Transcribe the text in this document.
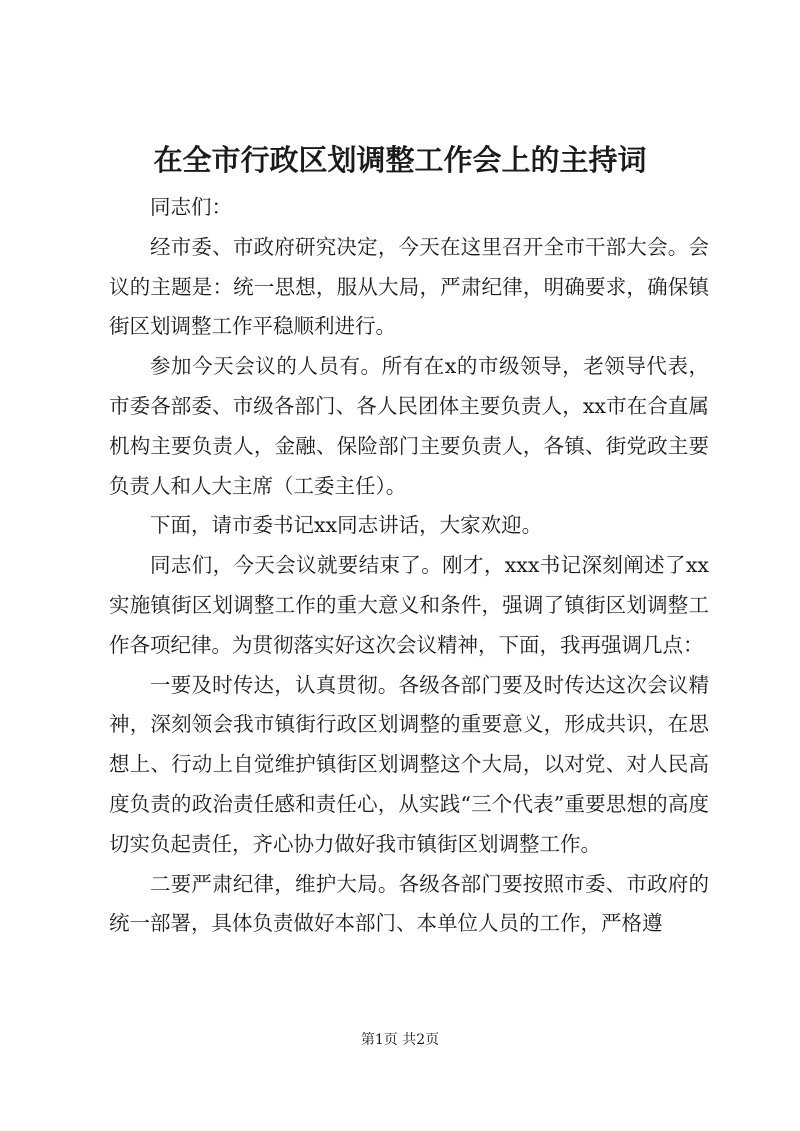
在全市行政区划调整工作会上的主持词

同志们：

经市委、市政府研究决定，今天在这里召开全市干部大会。会议的主题是：统一思想，服从大局，严肃纪律，明确要求，确保镇街区划调整工作平稳顺利进行。

参加今天会议的人员有。所有在x的市级领导，老领导代表，市委各部委、市级各部门、各人民团体主要负责人，xx市在合直属机构主要负责人，金融、保险部门主要负责人，各镇、街党政主要负责人和人大主席（工委主任）。

下面，请市委书记xx同志讲话，大家欢迎。

同志们，今天会议就要结束了。刚才，xxx书记深刻阐述了xx实施镇街区划调整工作的重大意义和条件，强调了镇街区划调整工作各项纪律。为贯彻落实好这次会议精神，下面，我再强调几点：

一要及时传达，认真贯彻。各级各部门要及时传达这次会议精神，深刻领会我市镇街行政区划调整的重要意义，形成共识，在思想上、行动上自觉维护镇街区划调整这个大局，以对党、对人民高度负责的政治责任感和责任心，从实践“三个代表”重要思想的高度切实负起责任，齐心协力做好我市镇街区划调整工作。

二要严肃纪律，维护大局。各级各部门要按照市委、市政府的统一部署，具体负责做好本部门、本单位人员的工作，严格遵

第1页 共2页
